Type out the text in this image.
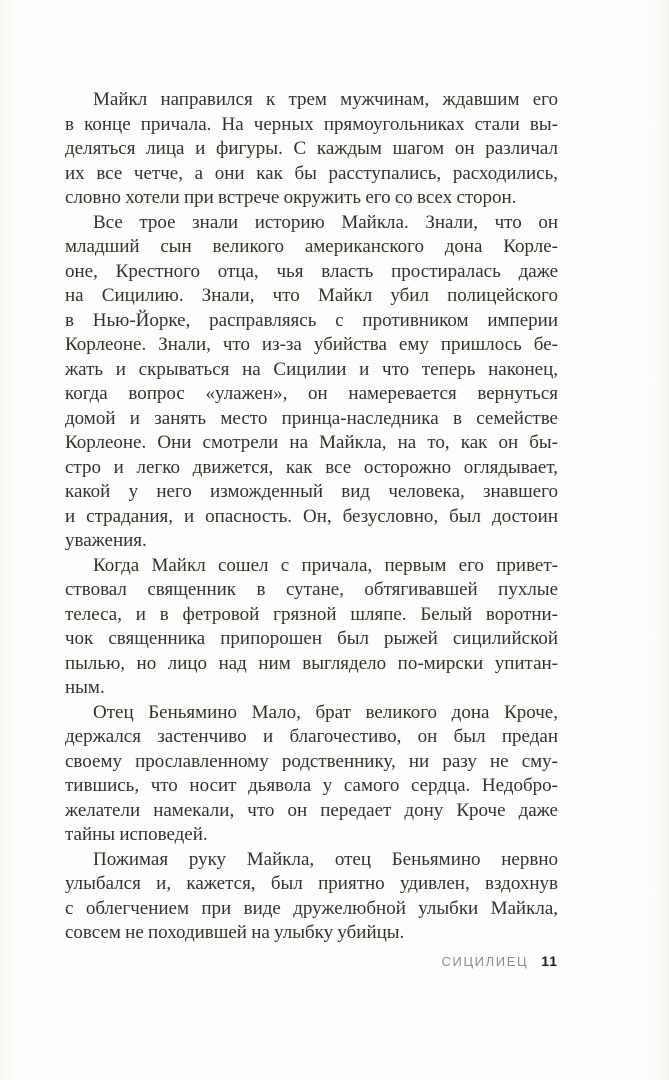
Майкл направился к трем мужчинам, ждавшим его
в конце причала. На черных прямоугольниках стали вы-
деляться лица и фигуры. С каждым шагом он различал
их все четче, а они как бы расступались, расходились,
словно хотели при встрече окружить его со всех сторон.

Все трое знали историю Майкла. Знали, что он
младший сын великого американского дона Корле-
оне, Крестного отца, чья власть простиралась даже
на Сицилию. Знали, что Майкл убил полицейского
в Нью-Йорке, расправляясь с противником империи
Корлеоне. Знали, что из-за убийства ему пришлось бе-
жать и скрываться на Сицилии и что теперь наконец,
когда вопрос «улажен», он намеревается вернуться
домой и занять место принца-наследника в семействе
Корлеоне. Они смотрели на Майкла, на то, как он бы-
стро и легко движется, как все осторожно оглядывает,
какой у него изможденный вид человека, знавшего
и страдания, и опасность. Он, безусловно, был достоин
уважения.

Когда Майкл сошел с причала, первым его привет-
ствовал священник в сутане, обтягивавшей пухлые
телеса, и в фетровой грязной шляпе. Белый воротни-
чок священника припорошен был рыжей сицилийской
пылью, но лицо над ним выглядело по-мирски упитан-
ным.

Отец Беньямино Мало, брат великого дона Кроче,
держался застенчиво и благочестиво, он был предан
своему прославленному родственнику, ни разу не сму-
тившись, что носит дьявола у самого сердца. Недобро-
желатели намекали, что он передает дону Кроче даже
тайны исповедей.

Пожимая руку Майкла, отец Беньямино нервно
улыбался и, кажется, был приятно удивлен, вздохнув
с облегчением при виде дружелюбной улыбки Майкла,
совсем не походившей на улыбку убийцы.

СИЦИЛИЕЦ 11
